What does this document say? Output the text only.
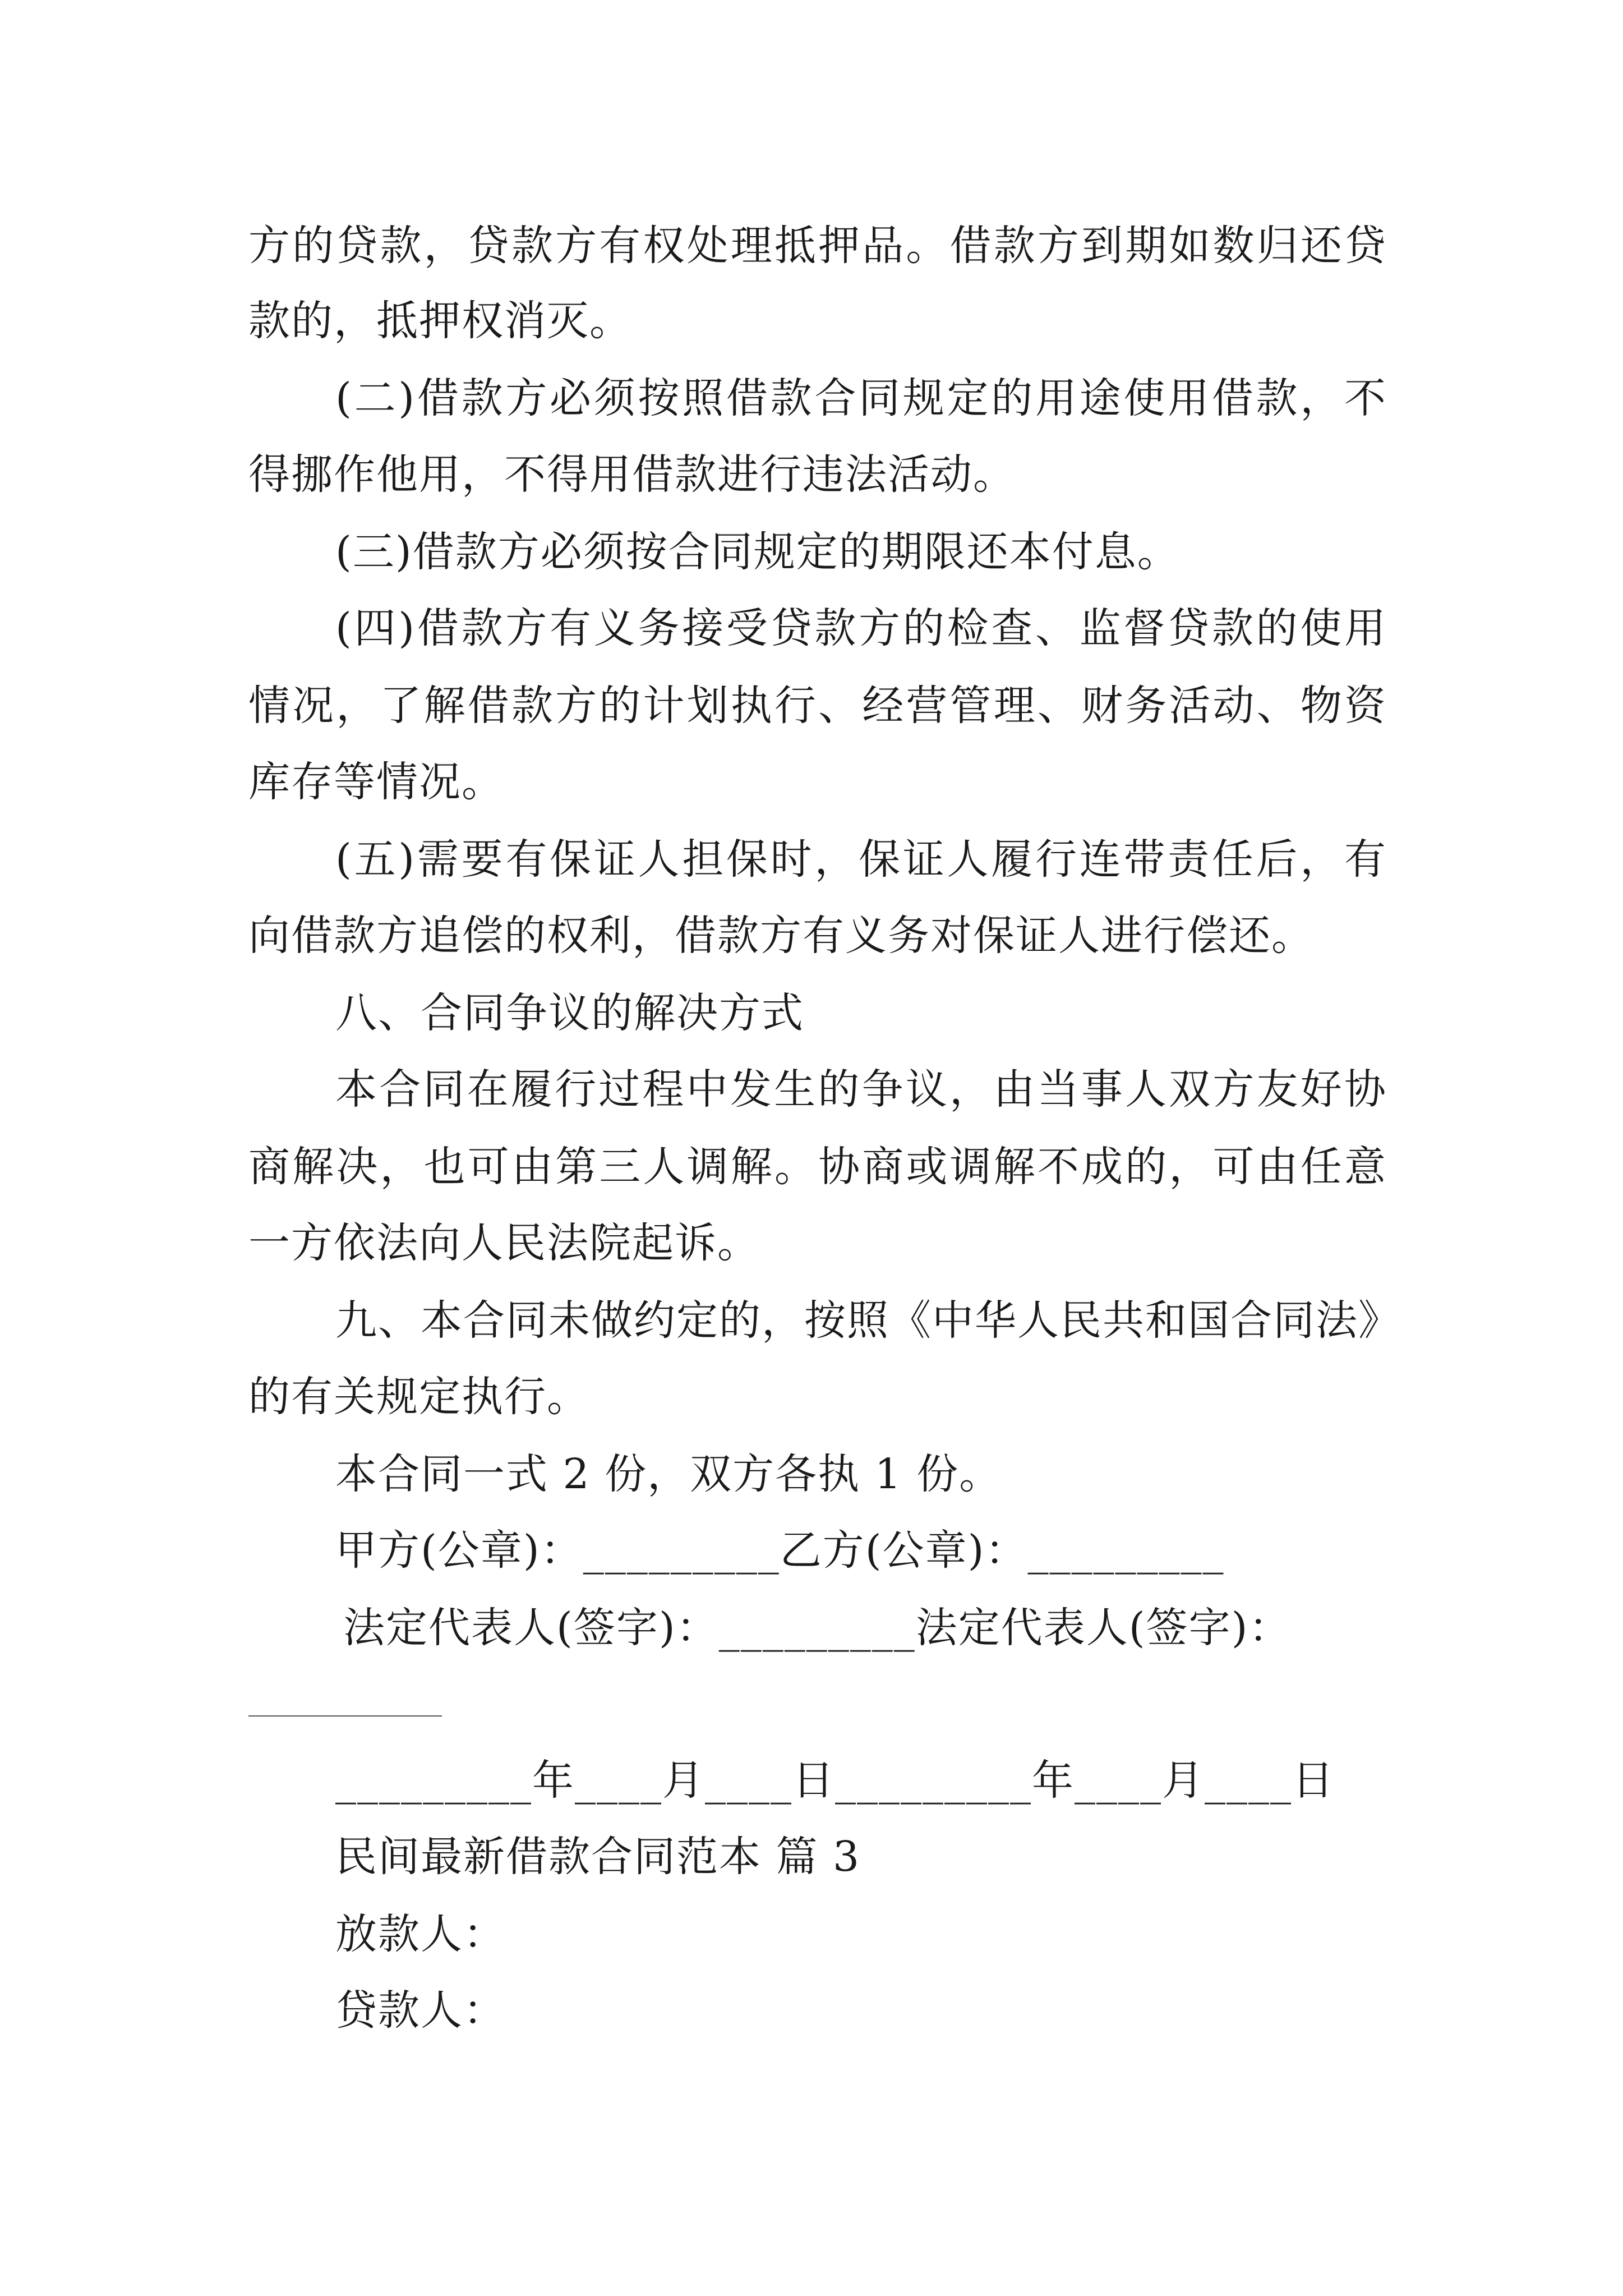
方的贷款，贷款方有权处理抵押品。借款方到期如数归还贷
款的，抵押权消灭。
(二)借款方必须按照借款合同规定的用途使用借款，不
得挪作他用，不得用借款进行违法活动。
(三)借款方必须按合同规定的期限还本付息。
(四)借款方有义务接受贷款方的检查、监督贷款的使用
情况，了解借款方的计划执行、经营管理、财务活动、物资
库存等情况。
(五)需要有保证人担保时，保证人履行连带责任后，有
向借款方追偿的权利，借款方有义务对保证人进行偿还。
八、合同争议的解决方式
本合同在履行过程中发生的争议，由当事人双方友好协
商解决，也可由第三人调解。协商或调解不成的，可由任意
一方依法向人民法院起诉。
九、本合同未做约定的，按照《中华人民共和国合同法》
的有关规定执行。
本合同一式 2 份，双方各执 1 份。
甲方(公章)：_________乙方(公章)：_________
法定代表人(签字)：_________法定代表人(签字)：
_________年____月____日_________年____月____日
民间最新借款合同范本 篇 3
放款人：
贷款人：
